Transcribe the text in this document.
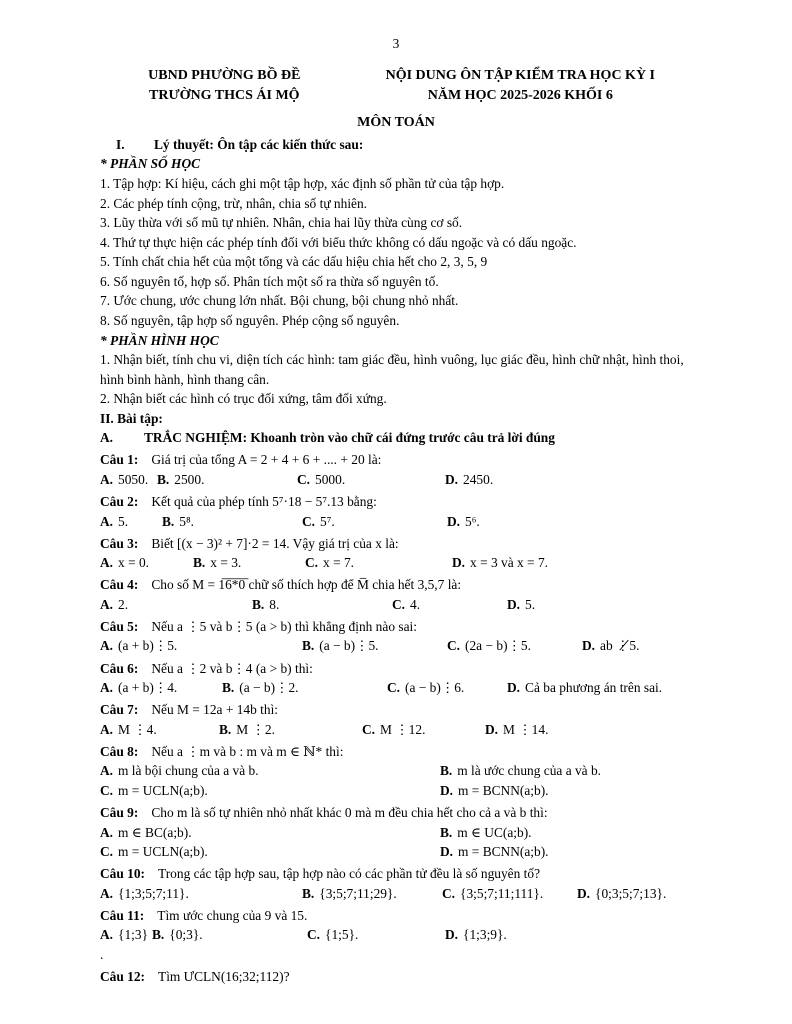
3
UBND PHƯỜNG BỒ ĐỀ
TRƯỜNG THCS ÁI MỘ
NỘI DUNG ÔN TẬP KIỂM TRA HỌC KỲ I
NĂM HỌC 2025-2026 KHỐI 6
MÔN TOÁN
I. Lý thuyết: Ôn tập các kiến thức sau:
* PHẦN SỐ HỌC
1. Tập hợp: Kí hiệu, cách ghi một tập hợp, xác định số phần tử của tập hợp.
2. Các phép tính cộng, trừ, nhân, chia số tự nhiên.
3. Lũy thừa với số mũ tự nhiên. Nhân, chia hai lũy thừa cùng cơ số.
4. Thứ tự thực hiện các phép tính đối với biểu thức không có dấu ngoặc và có dấu ngoặc.
5. Tính chất chia hết của một tổng và các dấu hiệu chia hết cho 2, 3, 5, 9
6. Số nguyên tố, hợp số. Phân tích một số ra thừa số nguyên tố.
7. Ước chung, ước chung lớn nhất. Bội chung, bội chung nhỏ nhất.
8. Số nguyên, tập hợp số nguyên. Phép cộng số nguyên.
* PHẦN HÌNH HỌC
1. Nhận biết, tính chu vi, diện tích các hình: tam giác đều, hình vuông, lục giác đều, hình chữ nhật, hình thoi, hình bình hành, hình thang cân.
2. Nhận biết các hình có trục đối xứng, tâm đối xứng.
II. Bài tập:
A. TRẮC NGHIỆM: Khoanh tròn vào chữ cái đứng trước câu trả lời đúng
Câu 1: Giá trị của tổng A = 2 + 4 + 6 + .... + 20 là:
A. 5050. B. 2500.	C. 5000.	D. 2450.
Câu 2: Kết quả của phép tính 5⁷·18 − 5⁷.13 bằng:
A. 5.	B. 5⁸.	C. 5⁷.	D. 5⁶.
Câu 3: Biết [(x − 3)² + 7]·2 = 14. Vậy giá trị của x là:
A. x = 0.	B. x = 3.	C. x = 7.	D. x = 3 và x = 7.
Câu 4: Cho số M = 1̅6̅*̅0̅ chữ số thích hợp để M̅ chia hết 3,5,7 là:
A. 2.	B. 8.	C. 4.	D. 5.
Câu 5: Nếu a ⋮5 và b⋮5 (a > b) thì khẳng định nào sai:
A. (a + b)⋮5.	B. (a − b)⋮5.	C. (2a − b)⋮5.	D. ab ⋮̸5.
Câu 6: Nếu a ⋮2 và b⋮4 (a > b) thì:
A. (a + b)⋮4.	B. (a − b)⋮2.	C. (a − b)⋮6.	D. Cả ba phương án trên sai.
Câu 7: Nếu M = 12a + 14b thì:
A. M ⋮4.	B. M ⋮2.	C. M ⋮12.	D. M ⋮14.
Câu 8: Nếu a ⋮m và b : m và m ∈ ℕ* thì:
A. m là bội chung của a và b.	B. m là ước chung của a và b.
C. m = UCLN(a;b).	D. m = BCNN(a;b).
Câu 9: Cho m là số tự nhiên nhỏ nhất khác 0 mà m đều chia hết cho cả a và b thì:
A. m ∈ BC(a;b).	B. m ∈ UC(a;b).
C. m = UCLN(a;b).	D. m = BCNN(a;b).
Câu 10: Trong các tập hợp sau, tập hợp nào có các phần tử đều là số nguyên tố?
A. {1;3;5;7;11}.	B. {3;5;7;11;29}.	C. {3;5;7;11;111}.	D. {0;3;5;7;13}.
Câu 11: Tìm ước chung của 9 và 15.
A. {1;3} .
B. {0;3}.	C. {1;5}.	D. {1;3;9}.
Câu 12: Tìm ƯCLN(16;32;112)?
